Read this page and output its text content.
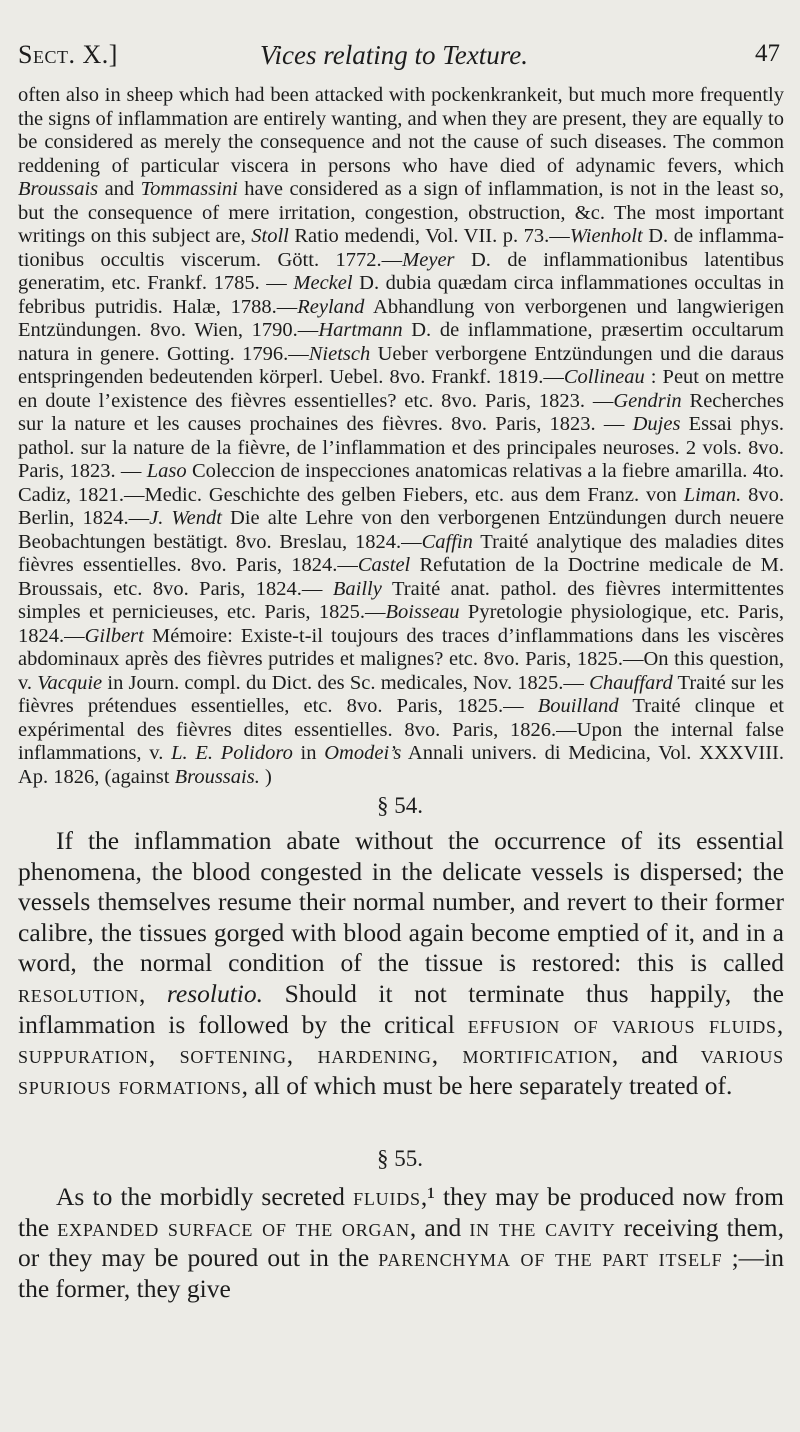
Sect. X.]	Vices relating to Texture.	47

often also in sheep which had been attacked with pockenkrankeit, but much more frequently the signs of inflammation are entirely wanting, and when they are present, they are equally to be considered as merely the consequence and not the cause of such diseases. The common reddening of particular viscera in persons who have died of adynamic fevers, which Broussais and Tommassini have considered as a sign of inflammation, is not in the least so, but the consequence of mere irritation, congestion, obstruction, &c. The most important writings on this subject are, Stoll Ratio medendi, Vol. VII. p. 73.—Wienholt D. de inflammationibus occultis viscerum. Gött. 1772.—Meyer D. de inflammationibus latentibus generatim, etc. Frankf. 1785. — Meckel D. dubia quædam circa inflammationes occultas in febribus putridis. Halæ, 1788.—Reyland Abhandlung von verborgenen und langwierigen Entzündungen. 8vo. Wien, 1790.—Hartmann D. de inflammatione, præsertim occultarum natura in genere. Gotting. 1796.—Nietsch Ueber verborgene Entzündungen und die daraus entspringenden bedeutenden körperl. Uebel. 8vo. Frankf. 1819.—Collineau : Peut on mettre en doute l’existence des fièvres essentielles? etc. 8vo. Paris, 1823. —Gendrin Recherches sur la nature et les causes prochaines des fièvres. 8vo. Paris, 1823. — Dujes Essai phys. pathol. sur la nature de la fièvre, de l’inflammation et des principales neuroses. 2 vols. 8vo. Paris, 1823. — Laso Coleccion de inspecciones anatomicas relativas a la fiebre amarilla. 4to. Cadiz, 1821.—Medic. Geschichte des gelben Fiebers, etc. aus dem Franz. von Liman. 8vo. Berlin, 1824.—J. Wendt Die alte Lehre von den verborgenen Entzündungen durch neuere Beobachtungen bestätigt. 8vo. Breslau, 1824.—Caffin Traité analytique des maladies dites fièvres essentielles. 8vo. Paris, 1824.—Castel Refutation de la Doctrine medicale de M. Broussais, etc. 8vo. Paris, 1824.— Bailly Traité anat. pathol. des fièvres intermittentes simples et pernicieuses, etc. Paris, 1825.—Boisseau Pyretologie physiologique, etc. Paris, 1824.—Gilbert Mémoire: Existe-t-il toujours des traces d’inflammations dans les viscères abdominaux après des fièvres putrides et malignes? etc. 8vo. Paris, 1825.—On this question, v. Vacquie in Journ. compl. du Dict. des Sc. medicales, Nov. 1825.— Chauffard Traité sur les fièvres prétendues essentielles, etc. 8vo. Paris, 1825.— Bouilland Traité clinque et expérimental des fièvres dites essentielles. 8vo. Paris, 1826.—Upon the internal false inflammations, v. L. E. Polidoro in Omodei’s Annali univers. di Medicina, Vol. XXXVIII. Ap. 1826, (against Broussais. )

§ 54.

If the inflammation abate without the occurrence of its essential phenomena, the blood congested in the delicate vessels is dispersed; the vessels themselves resume their normal number, and revert to their former calibre, the tissues gorged with blood again become emptied of it, and in a word, the normal condition of the tissue is restored: this is called resolution, resolutio. Should it not terminate thus happily, the inflammation is followed by the critical effusion of various fluids, suppuration, softening, hardening, mortification, and various spurious formations, all of which must be here separately treated of.

§ 55.

As to the morbidly secreted fluids,¹ they may be produced now from the expanded surface of the organ, and in the cavity receiving them, or they may be poured out in the parenchyma of the part itself ;—in the former, they give
